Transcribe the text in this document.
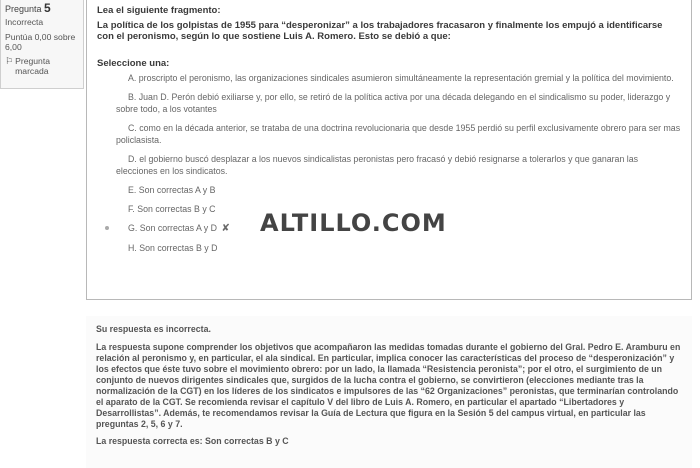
Pregunta 5
Incorrecta
Puntúa 0,00 sobre 6,00
⚐ Pregunta marcada
Lea el siguiente fragmento:
La política de los golpistas de 1955 para “desperonizar” a los trabajadores fracasaron y finalmente los empujó a identificarse con el peronismo, según lo que sostiene Luis A. Romero. Esto se debió a que:
Seleccione una:
A. proscripto el peronismo, las organizaciones sindicales asumieron simultáneamente la representación gremial y la política del movimiento.
B. Juan D. Perón debió exiliarse y, por ello, se retiró de la política activa por una década delegando en el sindicalismo su poder, liderazgo y sobre todo, a los votantes
C. como en la década anterior, se trataba de una doctrina revolucionaria que desde 1955 perdió su perfil exclusivamente obrero para ser mas policlasista.
D. el gobierno buscó desplazar a los nuevos sindicalistas peronistas pero fracasó y debió resignarse a tolerarlos y que ganaran las elecciones en los sindicatos.
E. Son correctas A y B
F. Son correctas B y C
G. Son correctas A y D ✘
H. Son correctas B y D
ALTILLO.COM
Su respuesta es incorrecta.
La respuesta supone comprender los objetivos que acompañaron las medidas tomadas durante el gobierno del Gral. Pedro E. Aramburu en relación al peronismo y, en particular, el ala sindical. En particular, implica conocer las características del proceso de “desperonización” y los efectos que éste tuvo sobre el movimiento obrero: por un lado, la llamada “Resistencia peronista”; por el otro, el surgimiento de un conjunto de nuevos dirigentes sindicales que, surgidos de la lucha contra el gobierno, se convirtieron (elecciones mediante tras la normalización de la CGT) en los líderes de los sindicatos e impulsores de las “62 Organizaciones” peronistas, que terminarían controlando el aparato de la CGT. Se recomienda revisar el capítulo V del libro de Luis A. Romero, en particular el apartado “Libertadores y Desarrollistas”. Además, te recomendamos revisar la Guía de Lectura que figura en la Sesión 5 del campus virtual, en particular las preguntas 2, 5, 6 y 7.
La respuesta correcta es: Son correctas B y C
